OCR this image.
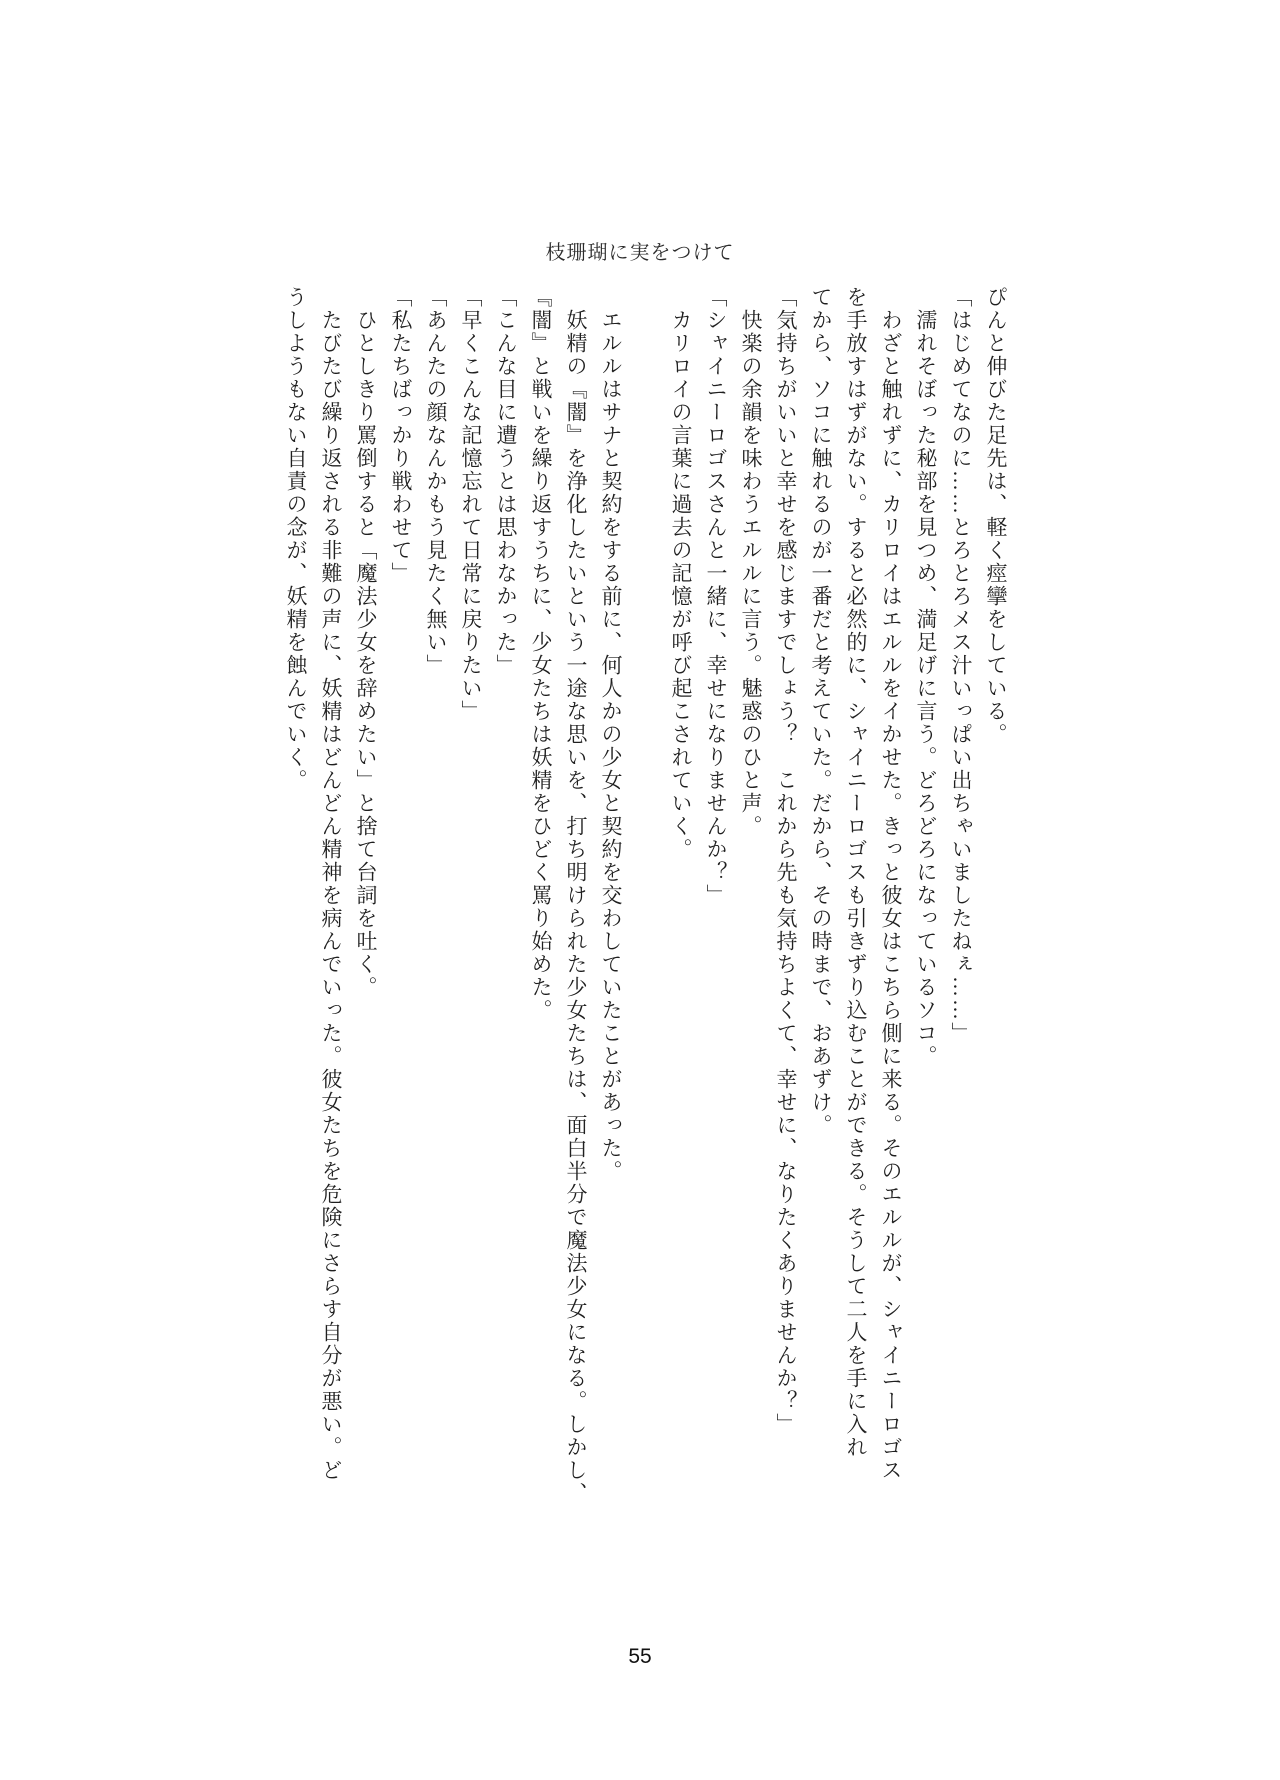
枝珊瑚に実をつけて
ぴんと伸びた足先は、軽く痙攣をしている。
「はじめてなのに……とろとろメス汁いっぱい出ちゃいましたねぇ……」
　濡れそぼった秘部を見つめ、満足げに言う。どろどろになっているソコ。
　わざと触れずに、カリロイはエルルをイかせた。きっと彼女はこちら側に来る。そのエルルが、シャイニーロゴス
を手放すはずがない。すると必然的に、シャイニーロゴスも引きずり込むことができる。そうして二人を手に入れ
てから、ソコに触れるのが一番だと考えていた。だから、その時まで、おあずけ。
「気持ちがいいと幸せを感じますでしょう？　これから先も気持ちよくて、幸せに、なりたくありませんか？」
　快楽の余韻を味わうエルルに言う。魅惑のひと声。
「シャイニーロゴスさんと一緒に、幸せになりませんか？」
　カリロイの言葉に過去の記憶が呼び起こされていく。
　エルルはサナと契約をする前に、何人かの少女と契約を交わしていたことがあった。
　妖精の『闇』を浄化したいという一途な思いを、打ち明けられた少女たちは、面白半分で魔法少女になる。しかし、
『闇』と戦いを繰り返すうちに、少女たちは妖精をひどく罵り始めた。
「こんな目に遭うとは思わなかった」
「早くこんな記憶忘れて日常に戻りたい」
「あんたの顔なんかもう見たく無い」
「私たちばっかり戦わせて」
　ひとしきり罵倒すると「魔法少女を辞めたい」と捨て台詞を吐く。
　たびたび繰り返される非難の声に、妖精はどんどん精神を病んでいった。彼女たちを危険にさらす自分が悪い。ど
うしようもない自責の念が、妖精を蝕んでいく。
55
